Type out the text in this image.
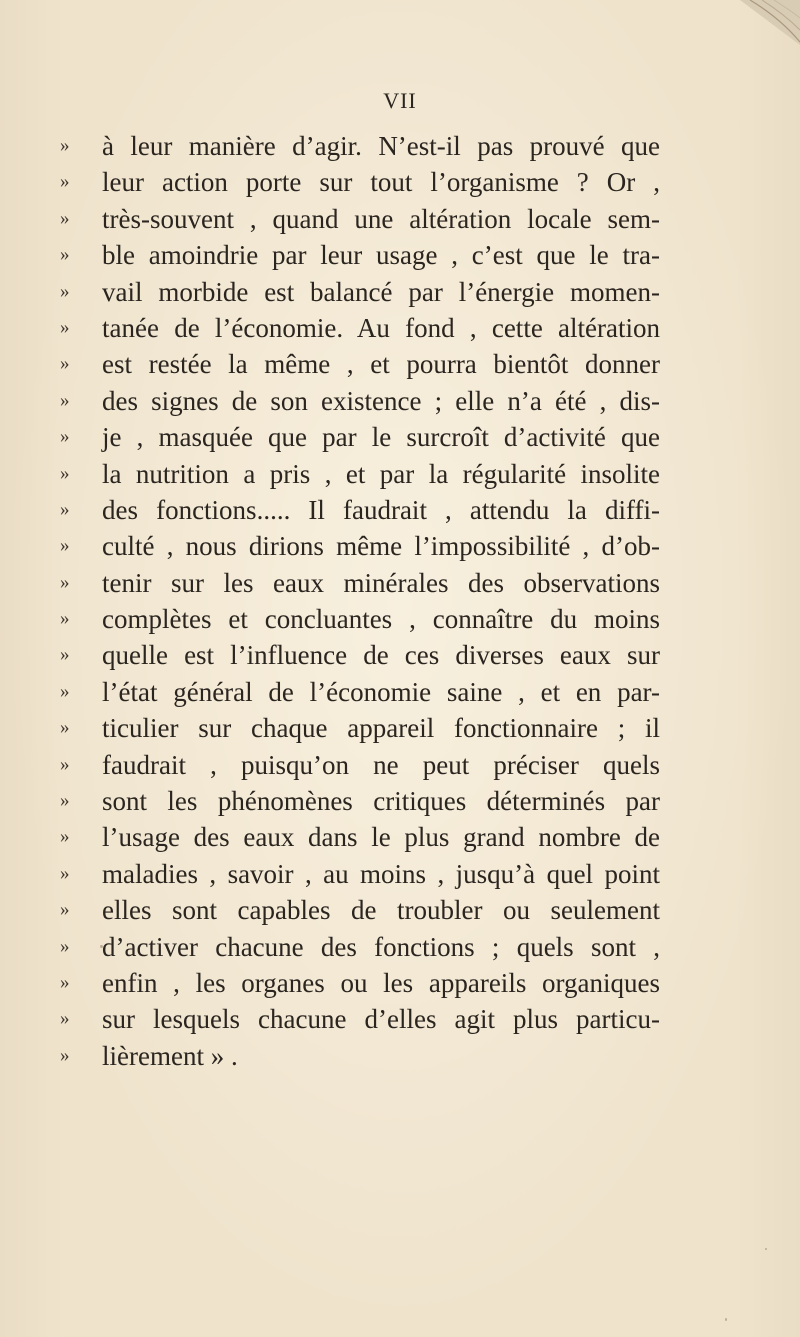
VII
»	à leur manière d’agir. N’est-il pas prouvé que
»	leur action porte sur tout l’organisme ? Or ,
»	très-souvent , quand une altération locale sem-
»	ble amoindrie par leur usage , c’est que le tra-
»	vail morbide est balancé par l’énergie momen-
»	tanée de l’économie. Au fond , cette altération
»	est restée la même , et pourra bientôt donner
»	des signes de son existence ; elle n’a été , dis-
»	je , masquée que par le surcroît d’activité que
»	la nutrition a pris , et par la régularité insolite
»	des fonctions..... Il faudrait , attendu la diffi-
»	culté , nous dirions même l’impossibilité , d’ob-
»	tenir sur les eaux minérales des observations
»	complètes et concluantes , connaître du moins
»	quelle est l’influence de ces diverses eaux sur
»	l’état général de l’économie saine , et en par-
»	ticulier sur chaque appareil fonctionnaire ; il
»	faudrait , puisqu’on ne peut préciser quels
»	sont les phénomènes critiques déterminés par
»	l’usage des eaux dans le plus grand nombre de
»	maladies , savoir , au moins , jusqu’à quel point
»	elles sont capables de troubler ou seulement
»	d’activer chacune des fonctions ; quels sont ,
»	enfin , les organes ou les appareils organiques
»	sur lesquels chacune d’elles agit plus particu-
»	lièrement » .
